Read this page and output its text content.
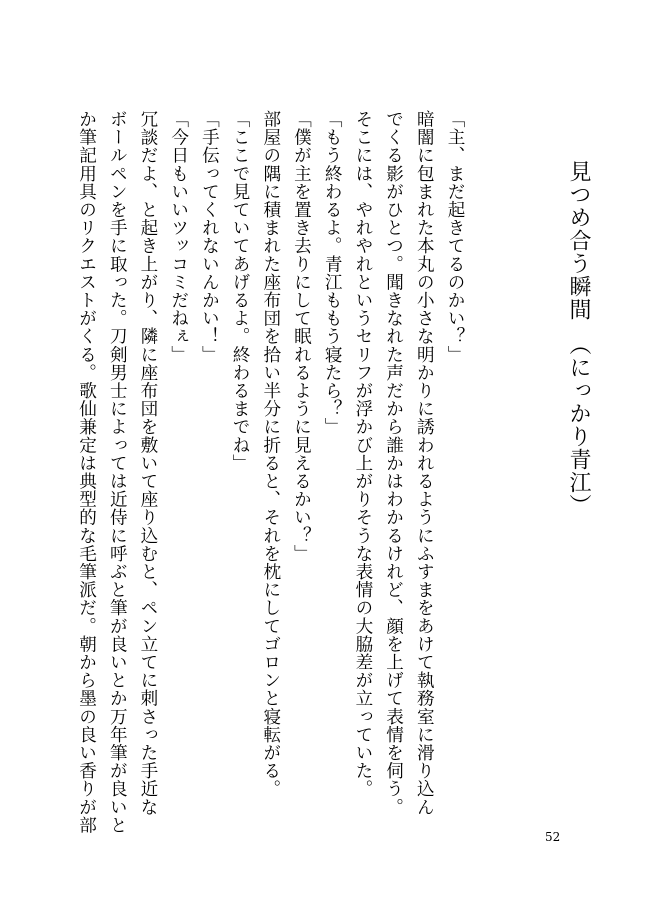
見つめ合う瞬間　（にっかり青江）
「主、まだ起きてるのかい？」
暗闇に包まれた本丸の小さな明かりに誘われるようにふすまをあけて執務室に滑り込ん
でくる影がひとつ。聞きなれた声だから誰かはわかるけれど、顔を上げて表情を伺う。
そこには、やれやれというセリフが浮かび上がりそうな表情の大脇差が立っていた。
「もう終わるよ。青江ももう寝たら？」
「僕が主を置き去りにして眠れるように見えるかい？」
部屋の隅に積まれた座布団を拾い半分に折ると、それを枕にしてゴロンと寝転がる。
「ここで見ていてあげるよ。終わるまでね」
「手伝ってくれないんかい！」
「今日もいいツッコミだねぇ」
冗談だよ、と起き上がり、隣に座布団を敷いて座り込むと、ペン立てに刺さった手近な
ボールペンを手に取った。刀剣男士によっては近侍に呼ぶと筆が良いとか万年筆が良いと
か筆記用具のリクエストがくる。歌仙兼定は典型的な毛筆派だ。朝から墨の良い香りが部
52
